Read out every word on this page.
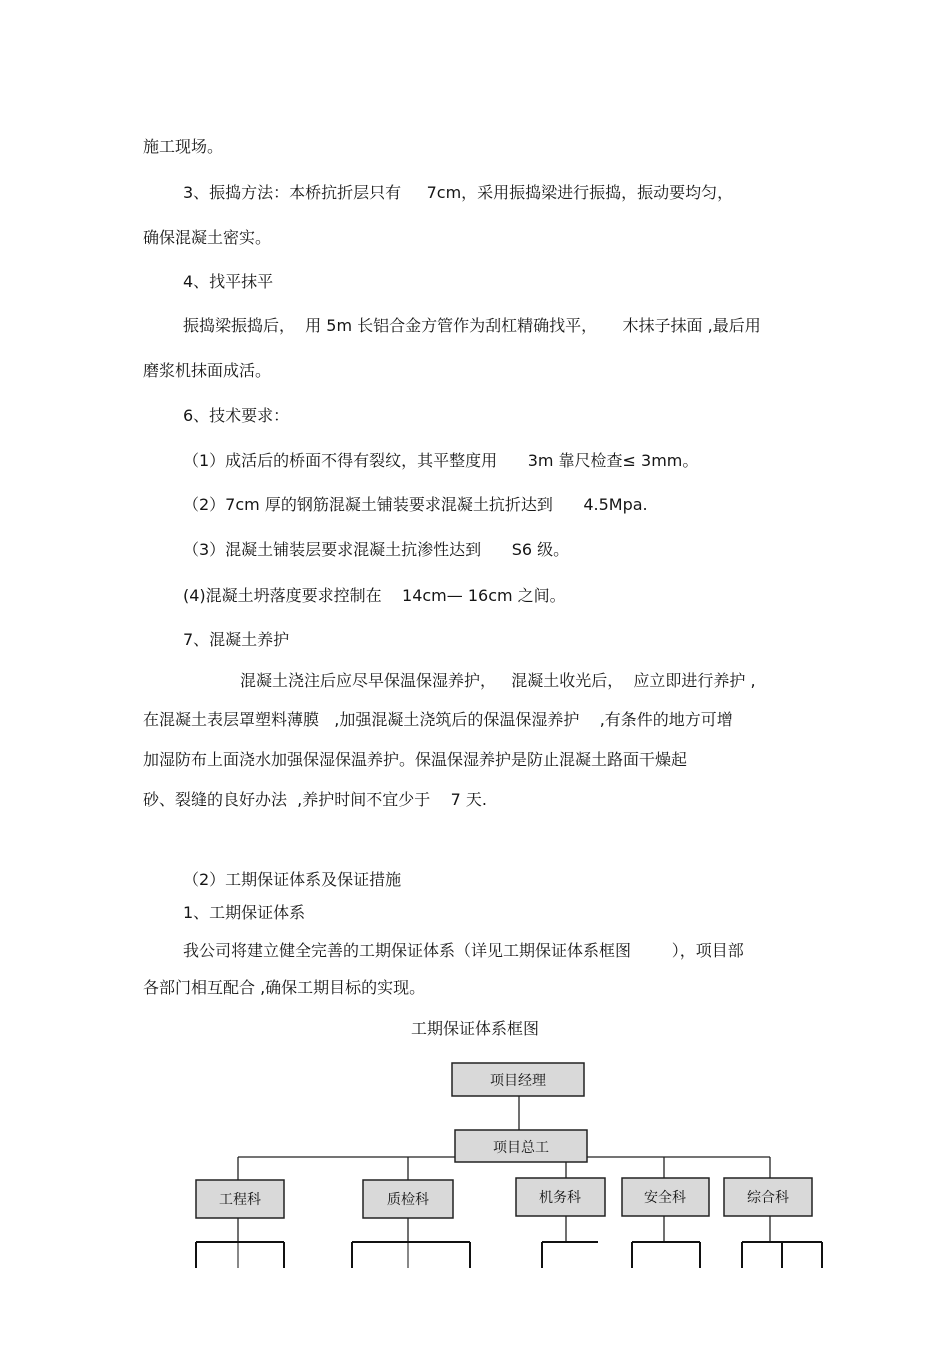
施工现场。
3、振捣方法：本桥抗折层只有     7cm，采用振捣梁进行振捣，振动要均匀，
确保混凝土密实。
4、找平抹平
振捣梁振捣后，  用 5m 长铝合金方管作为刮杠精确找平，     木抹子抹面 ,最后用
磨浆机抹面成活。
6、技术要求：
（1）成活后的桥面不得有裂纹，其平整度用      3m 靠尺检查≤ 3mm。
（2）7cm 厚的钢筋混凝土铺装要求混凝土抗折达到      4.5Mpa.
（3）混凝土铺装层要求混凝土抗渗性达到      S6 级。
(4)混凝土坍落度要求控制在    14cm— 16cm 之间。
7、混凝土养护
混凝土浇注后应尽早保温保湿养护，   混凝土收光后，  应立即进行养护 ,
在混凝土表层罩塑料薄膜   ,加强混凝土浇筑后的保温保湿养护    ,有条件的地方可增
加湿防布上面浇水加强保湿保温养护。保温保湿养护是防止混凝土路面干燥起
砂、裂缝的良好办法  ,养护时间不宜少于    7 天.
（2）工期保证体系及保证措施
1、工期保证体系
我公司将建立健全完善的工期保证体系（详见工期保证体系框图        ），项目部
各部门相互配合 ,确保工期目标的实现。
工期保证体系框图
项目经理
项目总工
工程科	质检科	机务科	安全科	综合科
